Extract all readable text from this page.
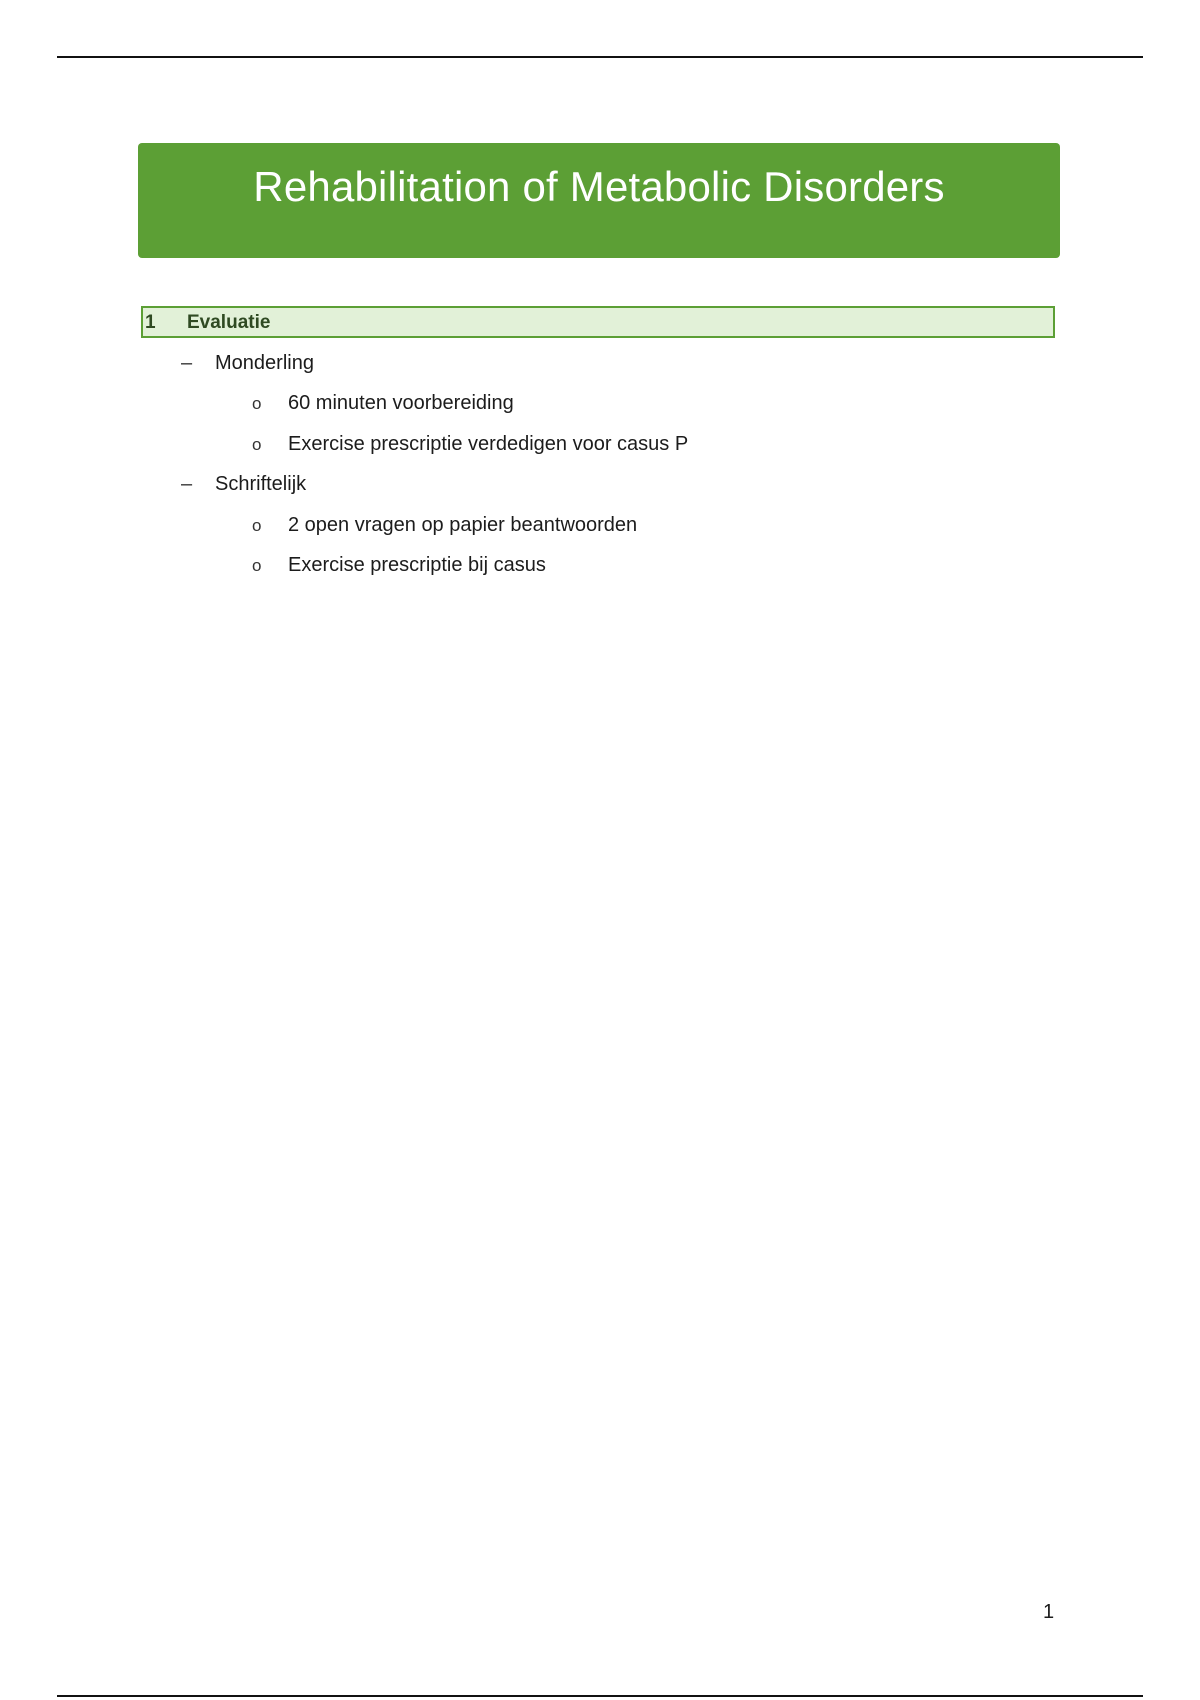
Rehabilitation of Metabolic Disorders
1 Evaluatie
– Monderling
o 60 minuten voorbereiding
o Exercise prescriptie verdedigen voor casus P
– Schriftelijk
o 2 open vragen op papier beantwoorden
o Exercise prescriptie bij casus
1
